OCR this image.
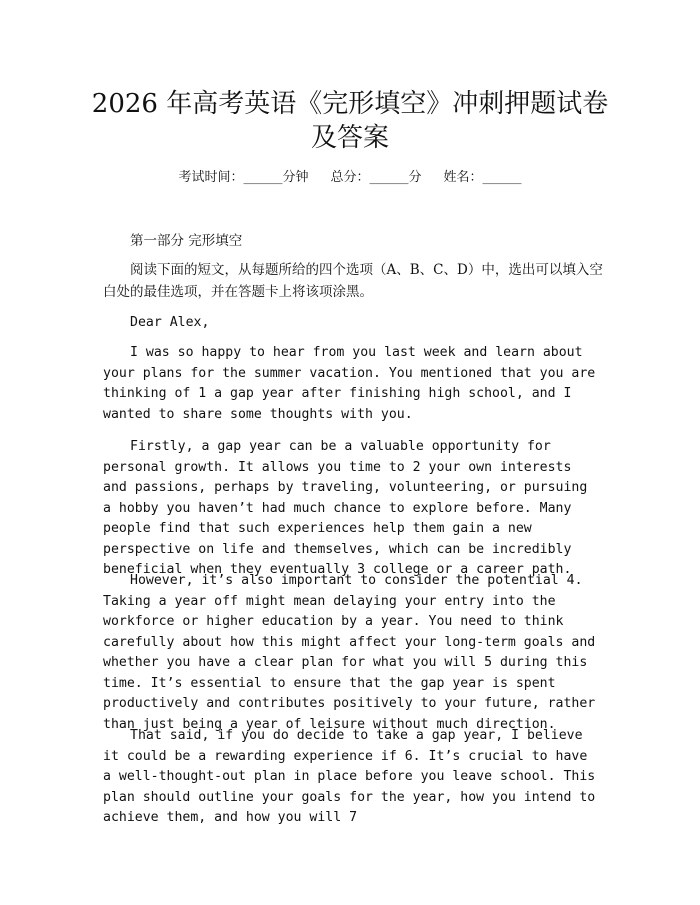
2026 年高考英语《完形填空》冲刺押题试卷
及答案
考试时间：______分钟 总分：______分 姓名：______

第一部分 完形填空

阅读下面的短文，从每题所给的四个选项（A、B、C、D）中，选出可以填入空白处的最佳选项，并在答题卡上将该项涂黑。

Dear Alex,

I was so happy to hear from you last week and learn about your plans for the summer vacation. You mentioned that you are thinking of 1 a gap year after finishing high school, and I wanted to share some thoughts with you.

Firstly, a gap year can be a valuable opportunity for personal growth. It allows you time to 2 your own interests and passions, perhaps by traveling, volunteering, or pursuing a hobby you haven’t had much chance to explore before. Many people find that such experiences help them gain a new perspective on life and themselves, which can be incredibly beneficial when they eventually 3 college or a career path.

However, it’s also important to consider the potential 4. Taking a year off might mean delaying your entry into the workforce or higher education by a year. You need to think carefully about how this might affect your long-term goals and whether you have a clear plan for what you will 5 during this time. It’s essential to ensure that the gap year is spent productively and contributes positively to your future, rather than just being a year of leisure without much direction.

That said, if you do decide to take a gap year, I believe it could be a rewarding experience if 6. It’s crucial to have a well-thought-out plan in place before you leave school. This plan should outline your goals for the year, how you intend to achieve them, and how you will 7
